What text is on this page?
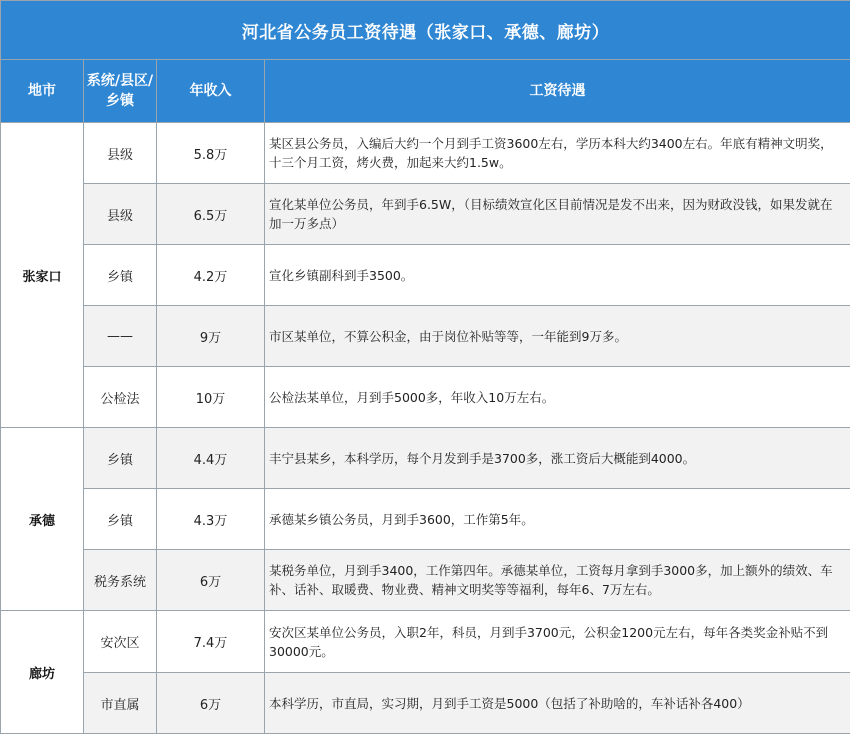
河北省公务员工资待遇（张家口、承德、廊坊）			
地市	系统/县区/乡镇	年收入	工资待遇
张家口	县级	5.8万	某区县公务员，入编后大约一个月到手工资3600左右，学历本科大约3400左右。年底有精神文明奖，十三个月工资，烤火费，加起来大约1.5w。
	县级	6.5万	宣化某单位公务员，年到手6.5W，（目标绩效宣化区目前情况是发不出来，因为财政没钱，如果发就在加一万多点）
	乡镇	4.2万	宣化乡镇副科到手3500。
	——	9万	市区某单位，不算公积金，由于岗位补贴等等，一年能到9万多。
	公检法	10万	公检法某单位，月到手5000多，年收入10万左右。
承德	乡镇	4.4万	丰宁县某乡，本科学历，每个月发到手是3700多，涨工资后大概能到4000。
	乡镇	4.3万	承德某乡镇公务员，月到手3600，工作第5年。
	税务系统	6万	某税务单位，月到手3400，工作第四年。承德某单位，工资每月拿到手3000多，加上额外的绩效、车补、话补、取暖费、物业费、精神文明奖等等福利，每年6、7万左右。
廊坊	安次区	7.4万	安次区某单位公务员，入职2年，科员，月到手3700元，公积金1200元左右，每年各类奖金补贴不到30000元。
	市直属	6万	本科学历，市直局，实习期，月到手工资是5000（包括了补助啥的，车补话补各400）
